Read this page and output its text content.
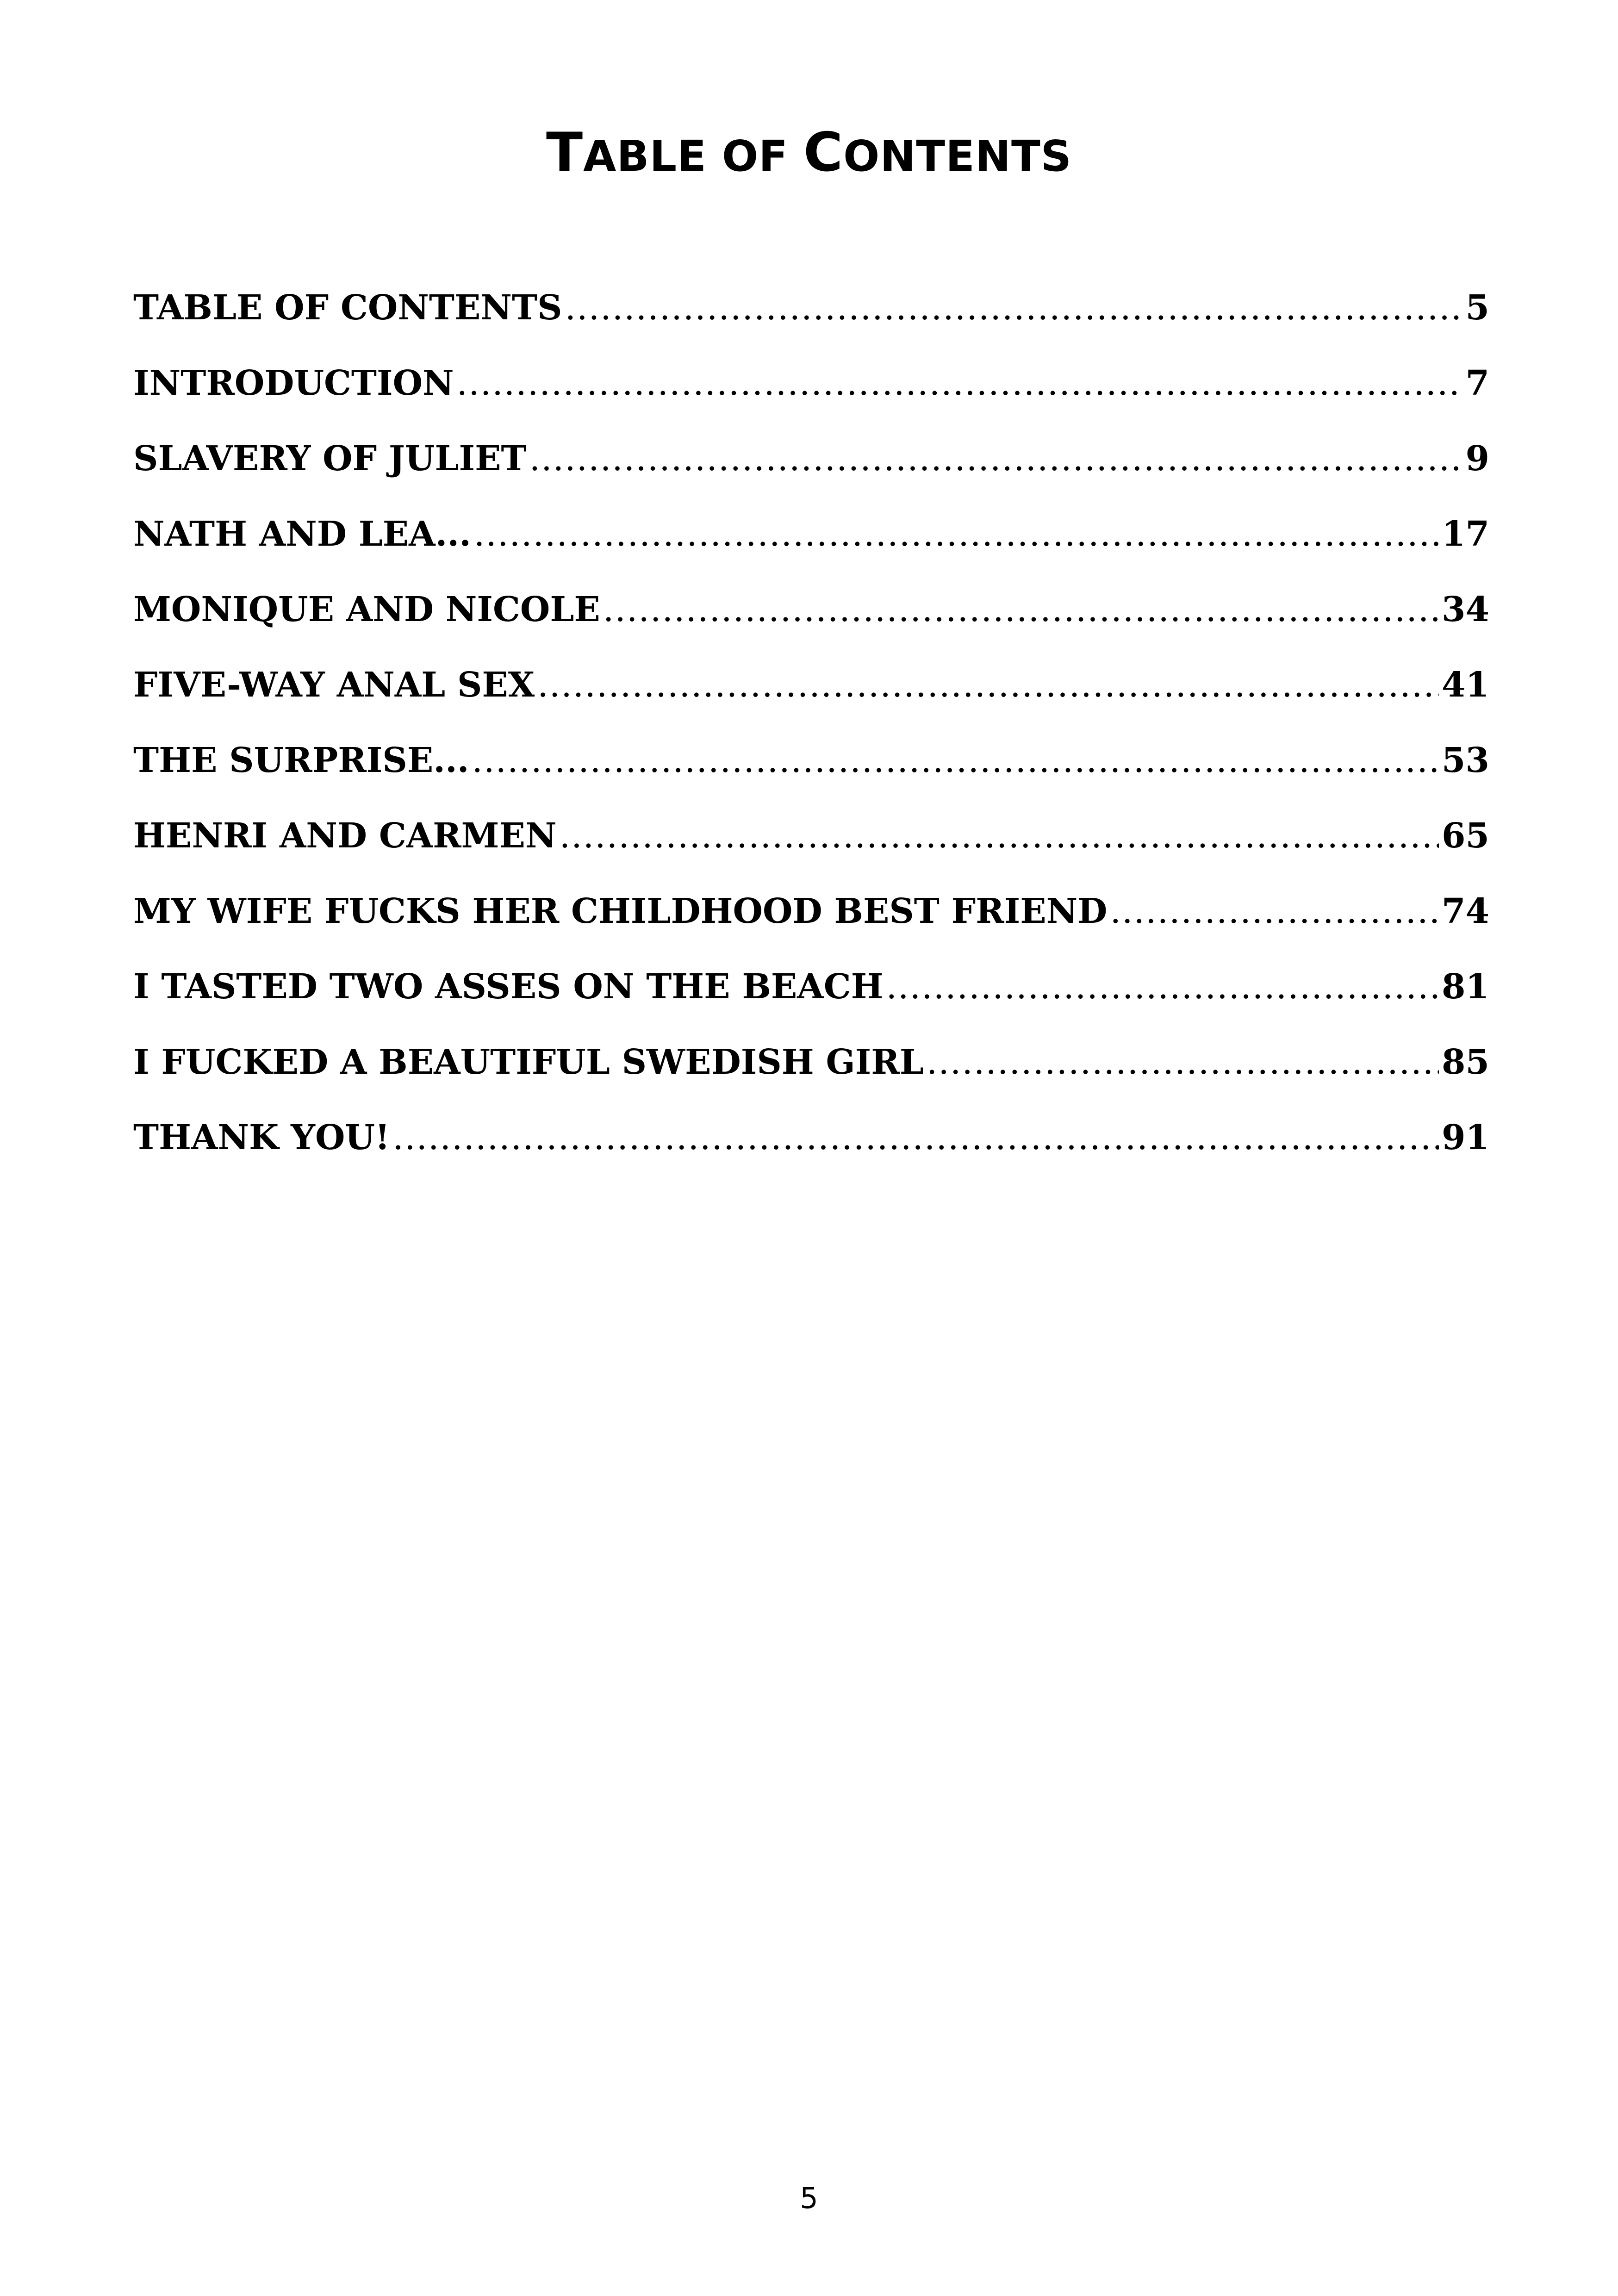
TABLE OF CONTENTS
TABLE OF CONTENTS .....	5
INTRODUCTION .....	7
SLAVERY OF JULIET .....	9
NATH AND LEA... .....	17
MONIQUE AND NICOLE .....	34
FIVE-WAY ANAL SEX .....	41
THE SURPRISE... .....	53
HENRI AND CARMEN .....	65
MY WIFE FUCKS HER CHILDHOOD BEST FRIEND .....	74
I TASTED TWO ASSES ON THE BEACH .....	81
I FUCKED A BEAUTIFUL SWEDISH GIRL .....	85
THANK YOU! .....	91
5
